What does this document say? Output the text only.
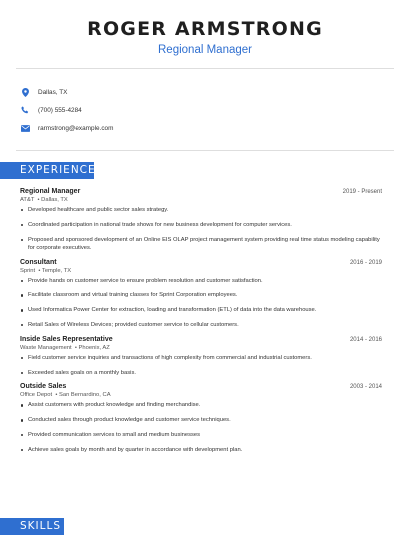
ROGER ARMSTRONG
Regional Manager
Dallas, TX
(700) 555-4284
rarmstrong@example.com
EXPERIENCE
Regional Manager	2019 - Present
AT&T  • Dallas, TX
Developed healthcare and public sector sales strategy.
Coordinated participation in national trade shows for new business development for computer services.
Proposed and sponsored development of an Online EIS OLAP project management system providing real time status modeling capability for corporate executives.
Consultant	2016 - 2019
Sprint  • Temple, TX
Provide hands on customer service to ensure problem resolution and customer satisfaction.
Facilitate classroom and virtual training classes for Sprint Corporation employees.
Used Informatica Power Center for extraction, loading and transformation (ETL) of data into the data warehouse.
Retail Sales of Wireless Devices; provided customer service to cellular customers.
Inside Sales Representative	2014 - 2016
Waste Management  • Phoenix, AZ
Field customer service inquiries and transactions of high complexity from commercial and industrial customers.
Exceeded sales goals on a monthly basis.
Outside Sales	2003 - 2014
Office Depot  • San Bernardino, CA
Assist customers with product knowledge and finding merchandise.
Conducted sales through product knowledge and customer service techniques.
Provided communication services to small and medium businesses
Achieve sales goals by month and by quarter in accordance with development plan.
SKILLS
